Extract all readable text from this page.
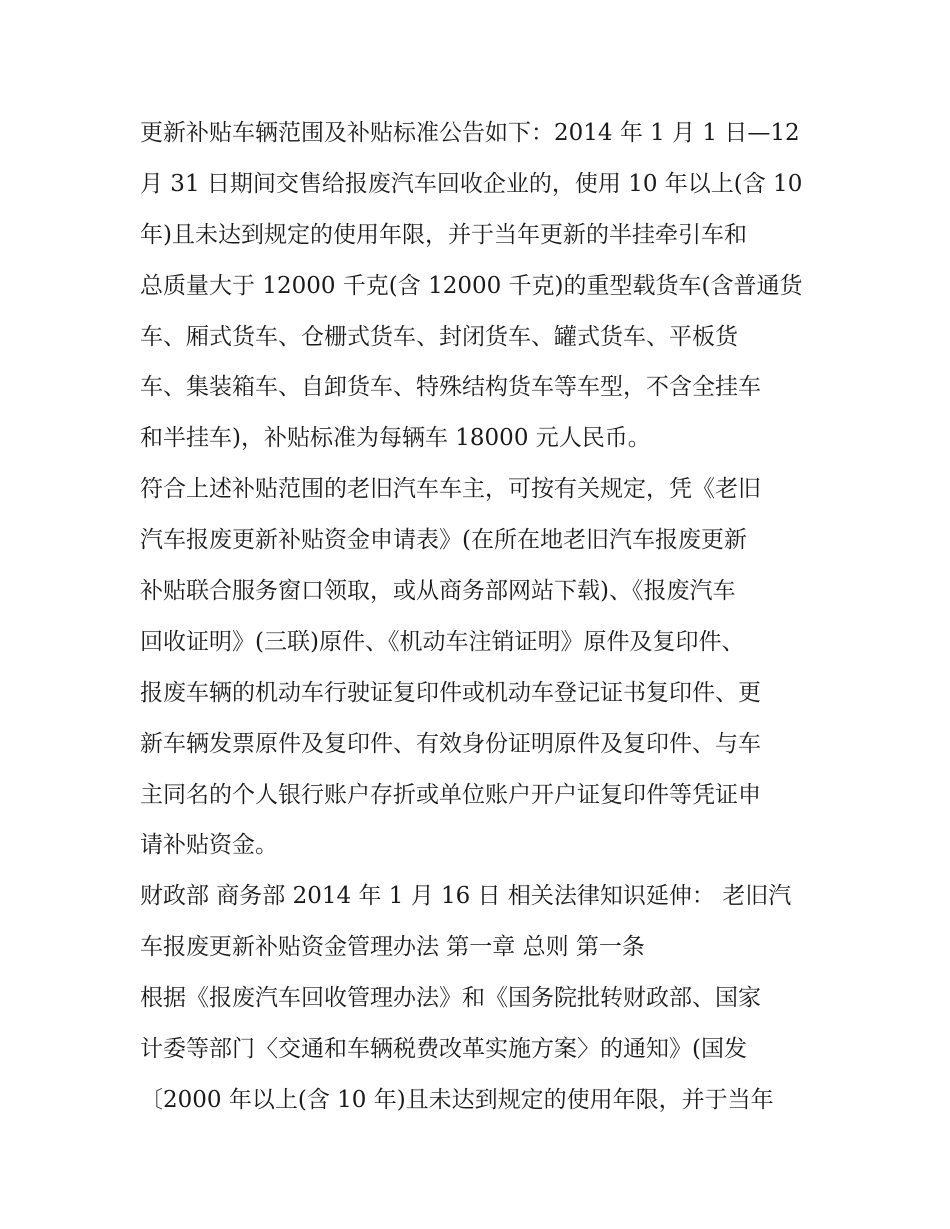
更新补贴车辆范围及补贴标准公告如下：2014 年 1 月 1 日—12
月 31 日期间交售给报废汽车回收企业的，使用 10 年以上(含 10
年)且未达到规定的使用年限，并于当年更新的半挂牵引车和
总质量大于 12000 千克(含 12000 千克)的重型载货车(含普通货
车、厢式货车、仓栅式货车、封闭货车、罐式货车、平板货
车、集装箱车、自卸货车、特殊结构货车等车型，不含全挂车
和半挂车)，补贴标准为每辆车 18000 元人民币。
符合上述补贴范围的老旧汽车车主，可按有关规定，凭《老旧
汽车报废更新补贴资金申请表》(在所在地老旧汽车报废更新
补贴联合服务窗口领取，或从商务部网站下载)、《报废汽车
回收证明》(三联)原件、《机动车注销证明》原件及复印件、
报废车辆的机动车行驶证复印件或机动车登记证书复印件、更
新车辆发票原件及复印件、有效身份证明原件及复印件、与车
主同名的个人银行账户存折或单位账户开户证复印件等凭证申
请补贴资金。
财政部 商务部 2014 年 1 月 16 日 相关法律知识延伸： 老旧汽
车报废更新补贴资金管理办法 第一章 总则 第一条
根据《报废汽车回收管理办法》和《国务院批转财政部、国家
计委等部门〈交通和车辆税费改革实施方案〉的通知》(国发
〔2000 年以上(含 10 年)且未达到规定的使用年限，并于当年
